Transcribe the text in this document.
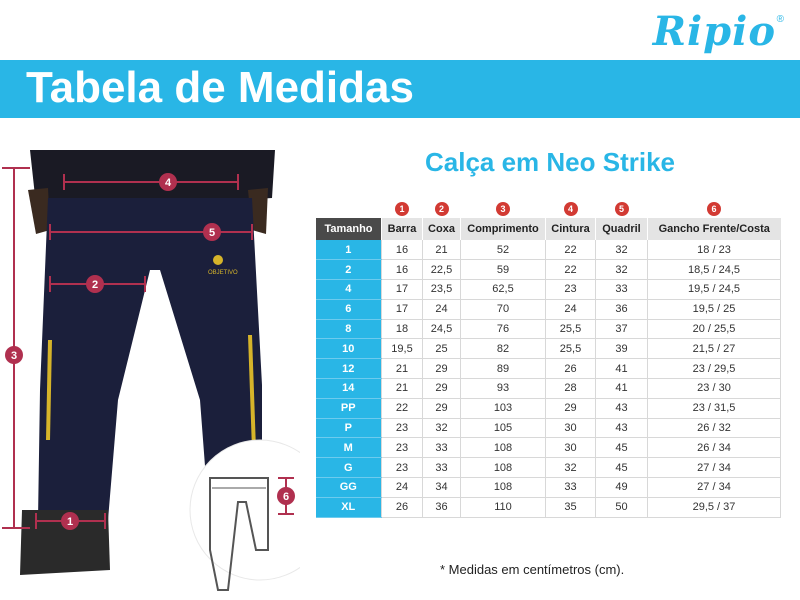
Ripio ®
Tabela de Medidas
OBJETIVO
3
4
5
2
1
6
Calça em Neo Strike
	1	2	3	4	5	6
Tamanho	Barra	Coxa	Comprimento	Cintura	Quadril	Gancho Frente/Costa
1	16	21	52	22	32	18 / 23
2	16	22,5	59	22	32	18,5 / 24,5
4	17	23,5	62,5	23	33	19,5 / 24,5
6	17	24	70	24	36	19,5 / 25
8	18	24,5	76	25,5	37	20 / 25,5
10	19,5	25	82	25,5	39	21,5 / 27
12	21	29	89	26	41	23 / 29,5
14	21	29	93	28	41	23 / 30
PP	22	29	103	29	43	23 / 31,5
P	23	32	105	30	43	26 / 32
M	23	33	108	30	45	26 / 34
G	23	33	108	32	45	27 / 34
GG	24	34	108	33	49	27 / 34
XL	26	36	110	35	50	29,5 / 37
* Medidas em centímetros (cm).
